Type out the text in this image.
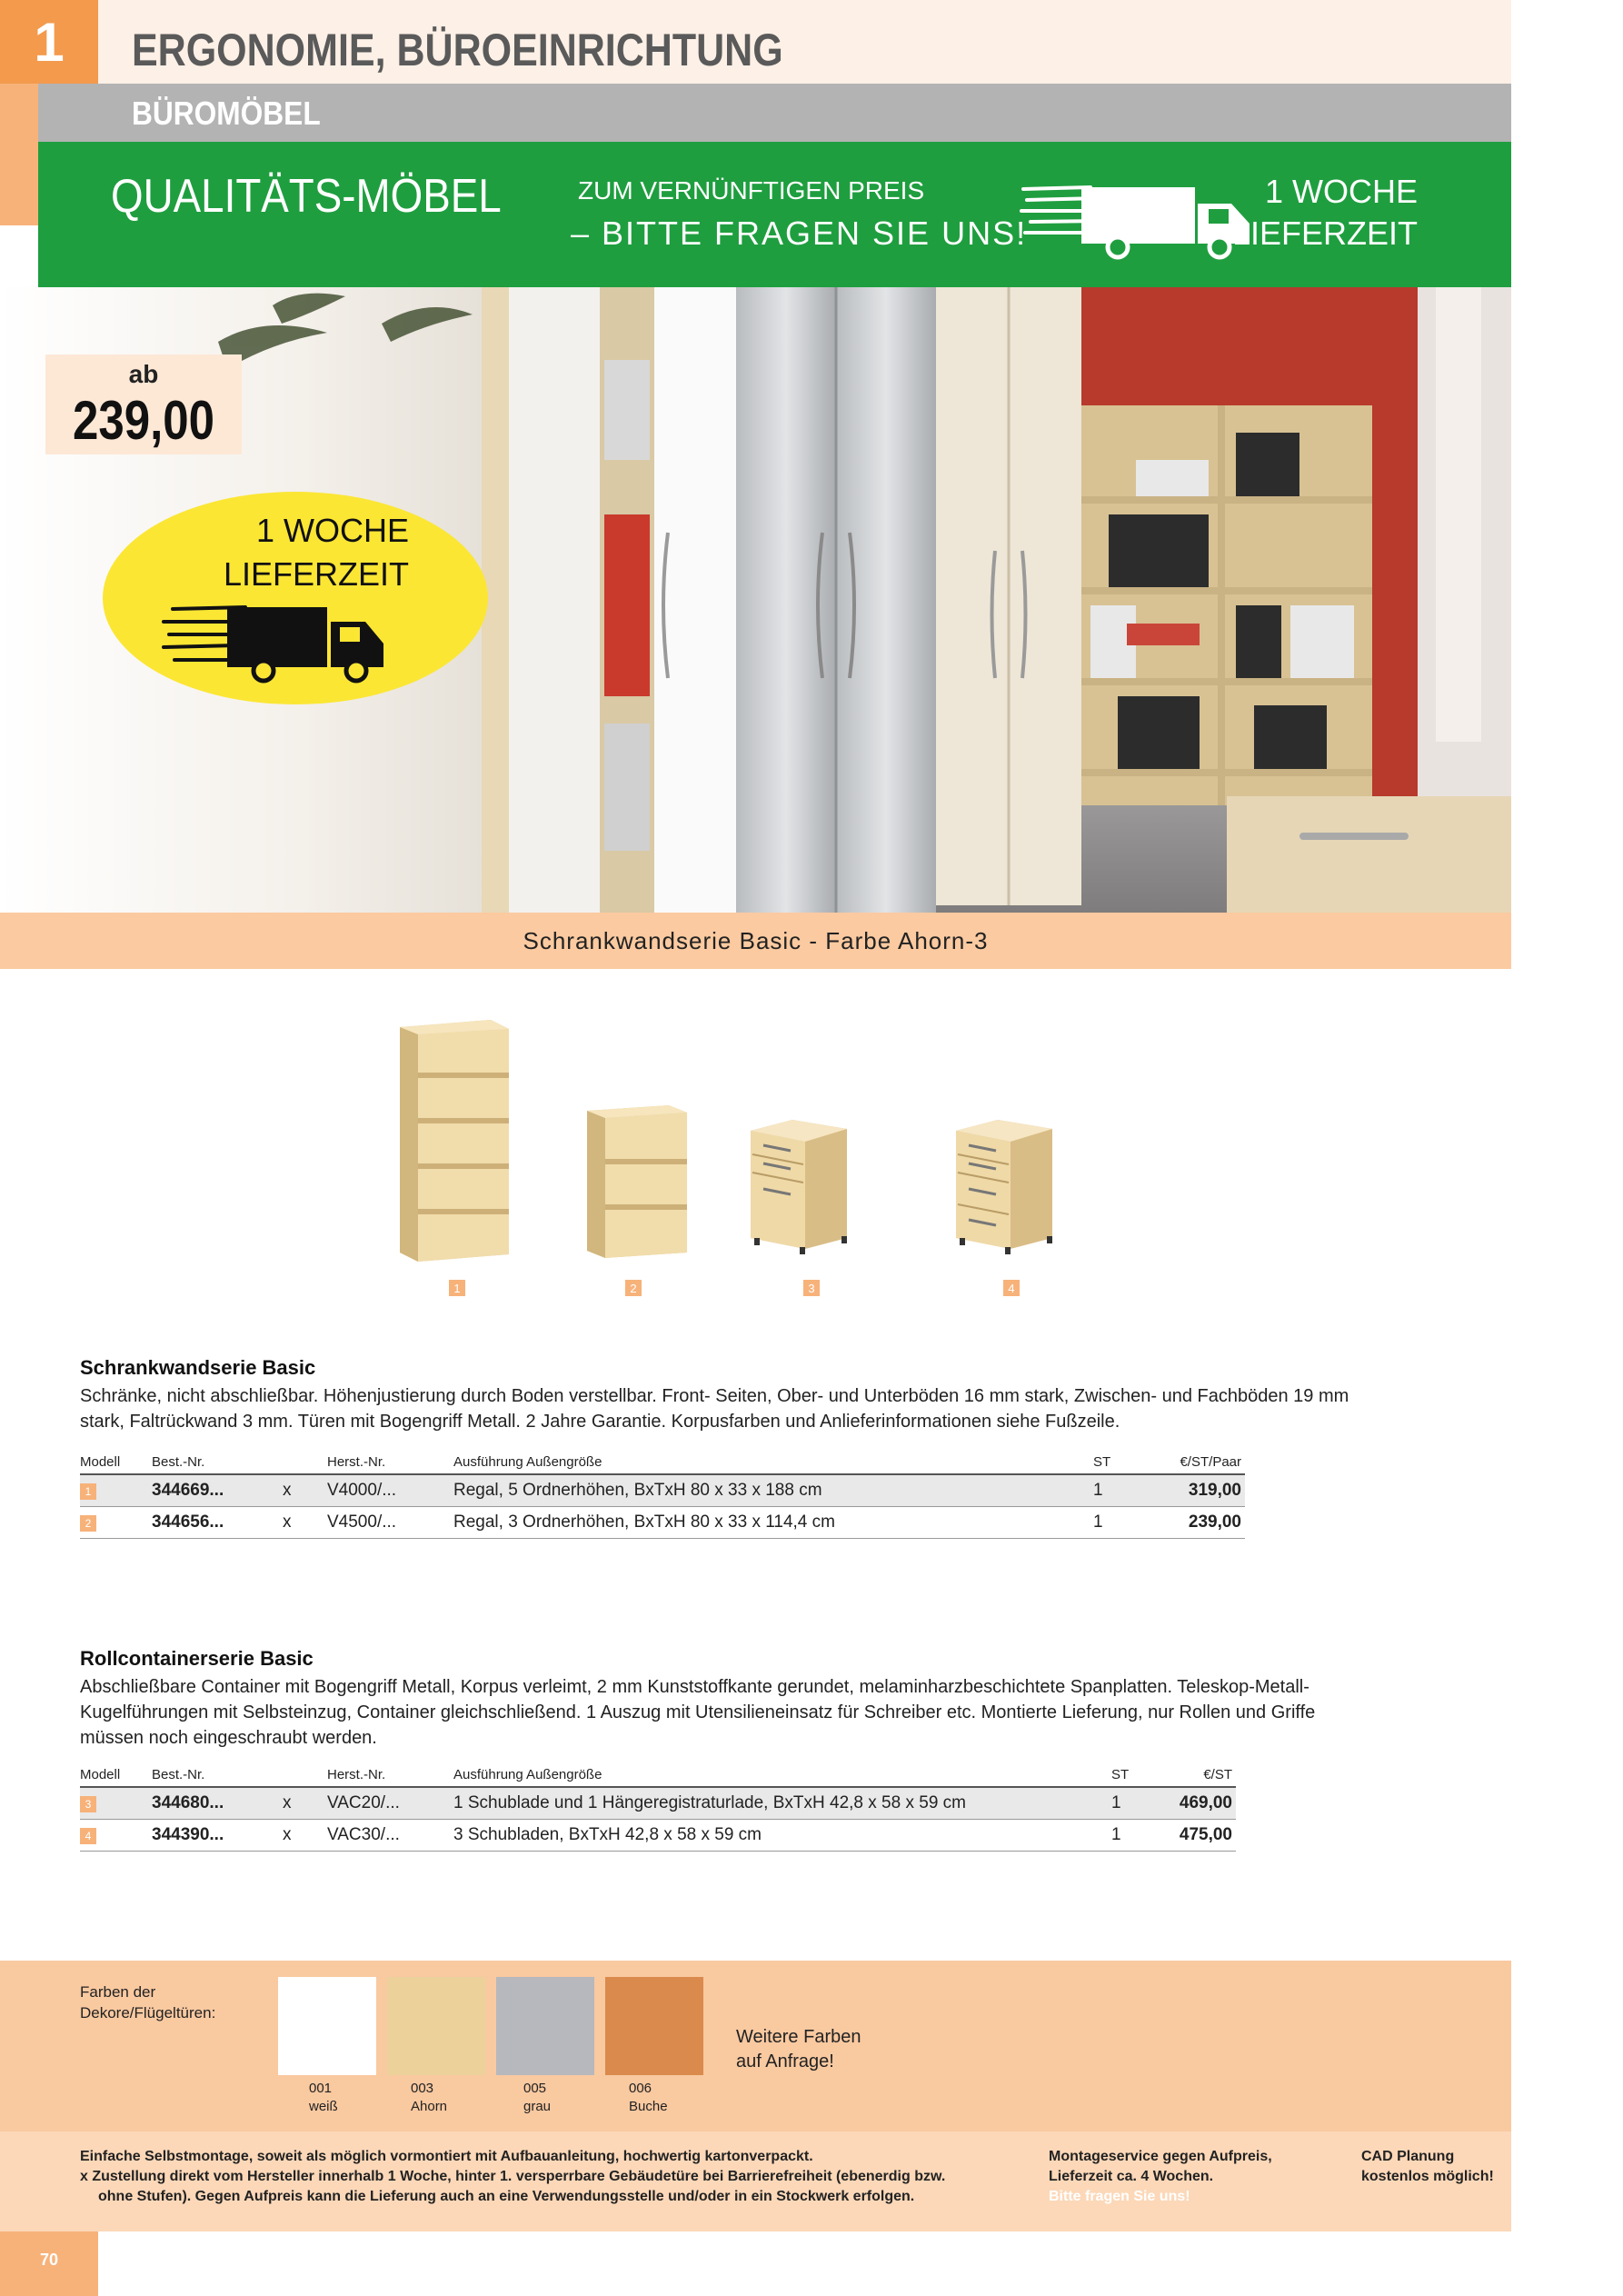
1	ERGONOMIE, BÜROEINRICHTUNG
BÜROMÖBEL
QUALITÄTS-MÖBEL	ZUM VERNÜNFTIGEN PREIS
– BITTE FRAGEN SIE UNS!
1 WOCHE
LIEFERZEIT
ab
239,00
1 WOCHE
LIEFERZEIT
Schrankwandserie Basic - Farbe Ahorn-3
1	2	3	4
Schrankwandserie Basic
Schränke, nicht abschließbar. Höhenjustierung durch Boden verstellbar. Front- Seiten, Ober- und Unterböden 16 mm stark, Zwischen- und Fachböden 19 mm stark, Faltrückwand 3 mm. Türen mit Bogengriff Metall. 2 Jahre Garantie. Korpusfarben und Anlieferinformationen siehe Fußzeile.
Modell	Best.-Nr.		Herst.-Nr.	Ausführung Außengröße	ST	€/ST/Paar
1	344669...	x	V4000/...	Regal, 5 Ordnerhöhen, BxTxH 80 x 33 x 188 cm	1	319,00
2	344656...	x	V4500/...	Regal, 3 Ordnerhöhen, BxTxH 80 x 33 x 114,4 cm	1	239,00
Rollcontainerserie Basic
Abschließbare Container mit Bogengriff Metall, Korpus verleimt, 2 mm Kunststoffkante gerundet, melaminharzbeschichtete Spanplatten. Teleskop-Metall-Kugelführungen mit Selbsteinzug, Container gleichschließend. 1 Auszug mit Utensilieneinsatz für Schreiber etc. Montierte Lieferung, nur Rollen und Griffe müssen noch eingeschraubt werden.
Modell	Best.-Nr.		Herst.-Nr.	Ausführung Außengröße	ST	€/ST
3	344680...	x	VAC20/...	1 Schublade und 1 Hängeregistraturlade, BxTxH 42,8 x 58 x 59 cm	1	469,00
4	344390...	x	VAC30/...	3 Schubladen, BxTxH 42,8 x 58 x 59 cm	1	475,00
Farben der
Dekore/Flügeltüren:
001
weiß
003
Ahorn
005
grau
006
Buche
Weitere Farben
auf Anfrage!
Einfache Selbstmontage, soweit als möglich vormontiert mit Aufbauanleitung, hochwertig kartonverpackt.
x Zustellung direkt vom Hersteller innerhalb 1 Woche, hinter 1. versperrbare Gebäudetüre bei Barrierefreiheit (ebenerdig bzw.
ohne Stufen). Gegen Aufpreis kann die Lieferung auch an eine Verwendungsstelle und/oder in ein Stockwerk erfolgen.
Montageservice gegen Aufpreis,
Lieferzeit ca. 4 Wochen.
Bitte fragen Sie uns!
CAD Planung
kostenlos möglich!
70
